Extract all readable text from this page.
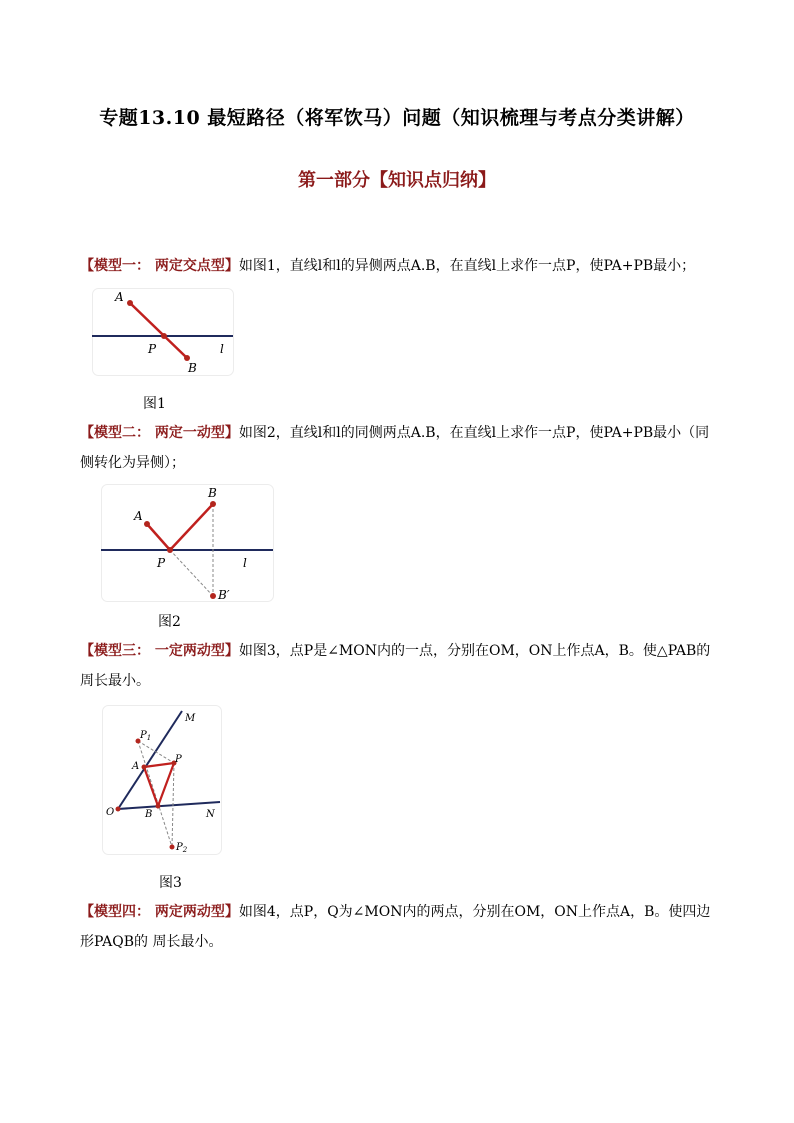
专题13.10 最短路径（将军饮马）问题（知识梳理与考点分类讲解）
第一部分【知识点归纳】
【模型一： 两定交点型】如图1，直线l和l的异侧两点A.B，在直线l上求作一点P，使PA+PB最小；
A
P
B
l
图1
【模型二： 两定一动型】如图2，直线l和l的同侧两点A.B，在直线l上求作一点P，使PA+PB最小（同侧转化为异侧）；
A
B
P	l
B′
图2
【模型三： 一定两动型】如图3，点P是∠MON内的一点，分别在OM，ON上作点A，B。使△PAB的周长最小。
M
$P_1$
A
P
O	B	N
$P_2$
图3
【模型四： 两定两动型】如图4，点P，Q为∠MON内的两点，分别在OM，ON上作点A，B。使四边形PAQB的 周长最小。
